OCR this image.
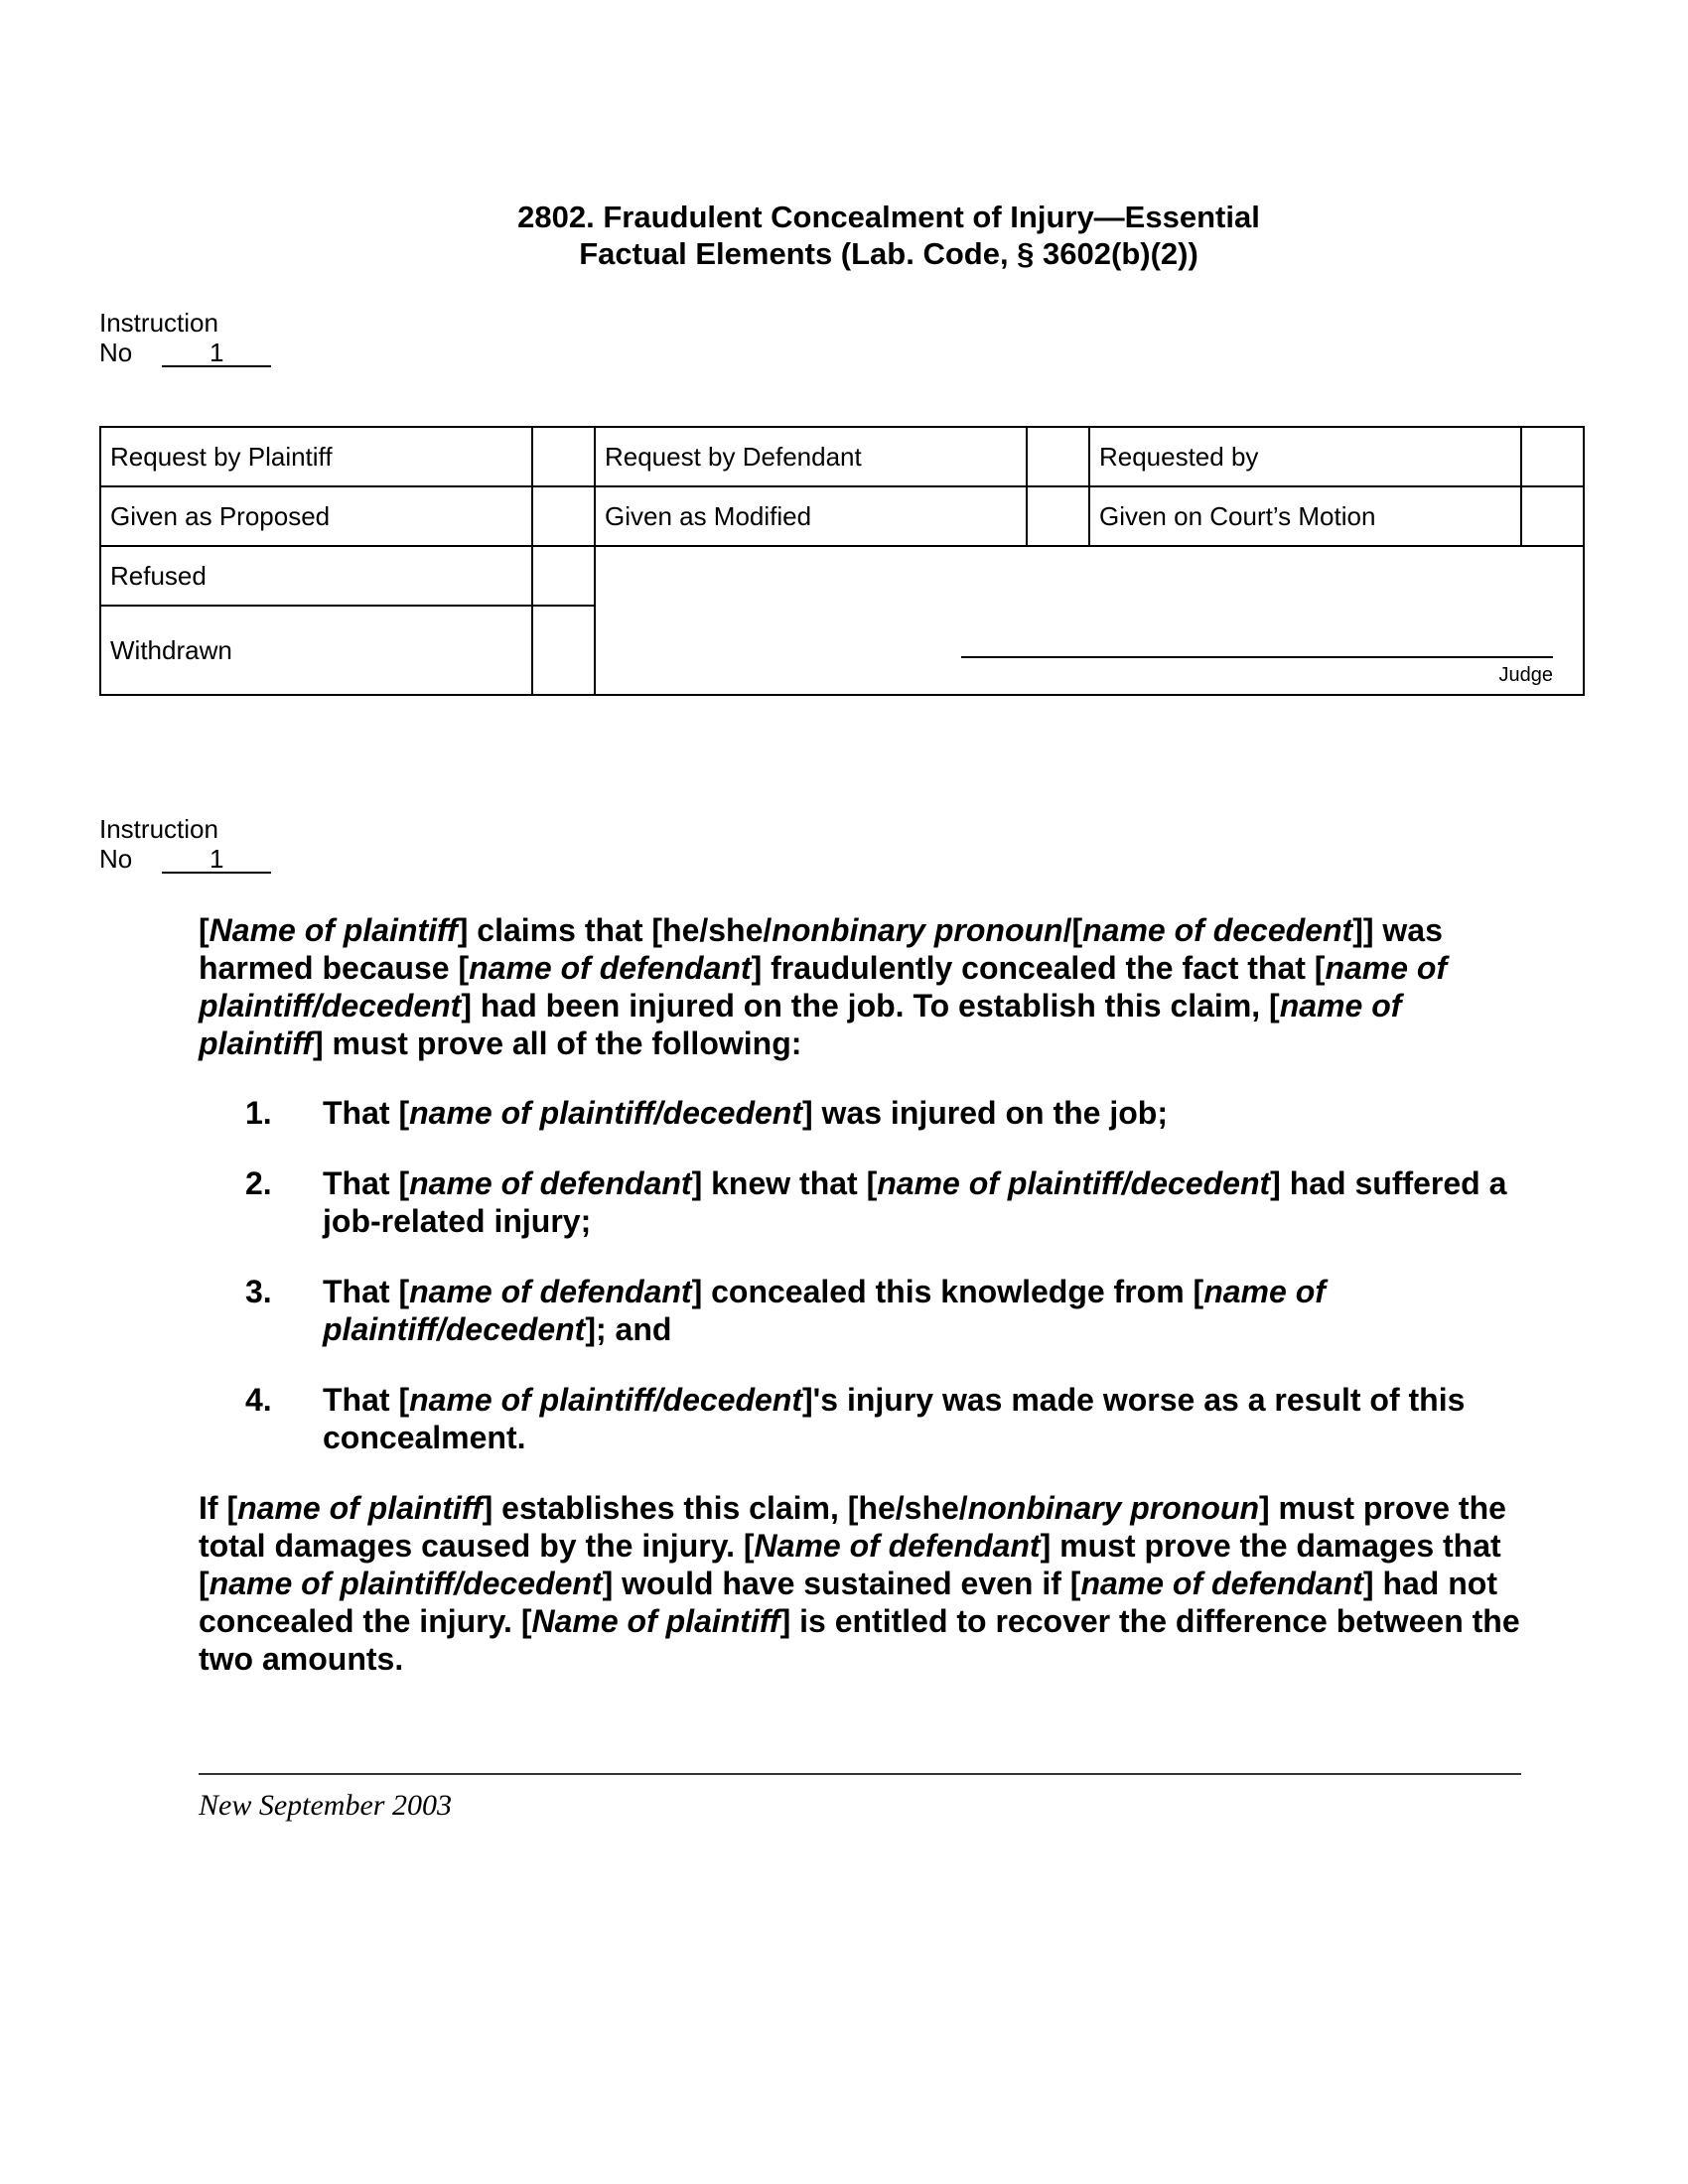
2802. Fraudulent Concealment of Injury—Essential
Factual Elements (Lab. Code, § 3602(b)(2))
Instruction
No	1
Request by Plaintiff		Request by Defendant		Requested by	
Given as Proposed		Given as Modified		Given on Court’s Motion	
Refused		Judge			

Withdrawn					
Instruction
No	1

[Name of plaintiff] claims that [he/she/nonbinary pronoun/[name of decedent]] was harmed because [name of defendant] fraudulently concealed the fact that [name of plaintiff/decedent] had been injured on the job. To establish this claim, [name of plaintiff] must prove all of the following:

1. That [name of plaintiff/decedent] was injured on the job;
2. That [name of defendant] knew that [name of plaintiff/decedent] had suffered a job-related injury;
3. That [name of defendant] concealed this knowledge from [name of plaintiff/decedent]; and
4. That [name of plaintiff/decedent]'s injury was made worse as a result of this concealment.

If [name of plaintiff] establishes this claim, [he/she/nonbinary pronoun] must prove the total damages caused by the injury. [Name of defendant] must prove the damages that [name of plaintiff/decedent] would have sustained even if [name of defendant] had not concealed the injury. [Name of plaintiff] is entitled to recover the difference between the two amounts.

New September 2003
